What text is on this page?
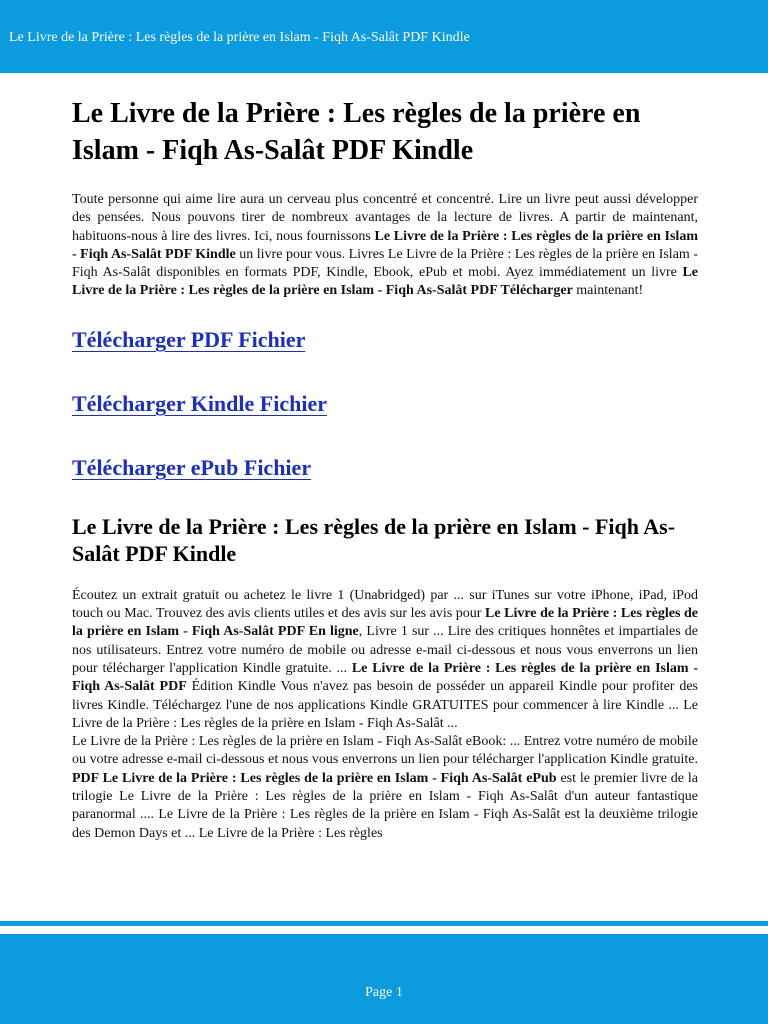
Le Livre de la Prière : Les règles de la prière en Islam - Fiqh As-Salât PDF Kindle
Le Livre de la Prière : Les règles de la prière en Islam - Fiqh As-Salât PDF Kindle

Toute personne qui aime lire aura un cerveau plus concentré et concentré. Lire un livre peut aussi développer des pensées. Nous pouvons tirer de nombreux avantages de la lecture de livres. A partir de maintenant, habituons-nous à lire des livres. Ici, nous fournissons Le Livre de la Prière : Les règles de la prière en Islam - Fiqh As-Salât PDF Kindle un livre pour vous. Livres Le Livre de la Prière : Les règles de la prière en Islam - Fiqh As-Salât disponibles en formats PDF, Kindle, Ebook, ePub et mobi. Ayez immédiatement un livre Le Livre de la Prière : Les règles de la prière en Islam - Fiqh As-Salât PDF Télécharger maintenant!

Télécharger PDF Fichier
Télécharger Kindle Fichier
Télécharger ePub Fichier
Le Livre de la Prière : Les règles de la prière en Islam - Fiqh As-Salât PDF Kindle

Écoutez un extrait gratuit ou achetez le livre 1 (Unabridged) par ... sur iTunes sur votre iPhone, iPad, iPod touch ou Mac. Trouvez des avis clients utiles et des avis sur les avis pour Le Livre de la Prière : Les règles de la prière en Islam - Fiqh As-Salât PDF En ligne, Livre 1 sur ... Lire des critiques honnêtes et impartiales de nos utilisateurs. Entrez votre numéro de mobile ou adresse e-mail ci-dessous et nous vous enverrons un lien pour télécharger l'application Kindle gratuite. ... Le Livre de la Prière : Les règles de la prière en Islam - Fiqh As-Salât PDF Édition Kindle Vous n'avez pas besoin de posséder un appareil Kindle pour profiter des livres Kindle. Téléchargez l'une de nos applications Kindle GRATUITES pour commencer à lire Kindle ... Le Livre de la Prière : Les règles de la prière en Islam - Fiqh As-Salât ...

Le Livre de la Prière : Les règles de la prière en Islam - Fiqh As-Salât eBook: ... Entrez votre numéro de mobile ou votre adresse e-mail ci-dessous et nous vous enverrons un lien pour télécharger l'application Kindle gratuite. PDF Le Livre de la Prière : Les règles de la prière en Islam - Fiqh As-Salât ePub est le premier livre de la trilogie Le Livre de la Prière : Les règles de la prière en Islam - Fiqh As-Salât d'un auteur fantastique paranormal .... Le Livre de la Prière : Les règles de la prière en Islam - Fiqh As-Salât est la deuxième trilogie des Demon Days et ... Le Livre de la Prière : Les règles

Page 1
